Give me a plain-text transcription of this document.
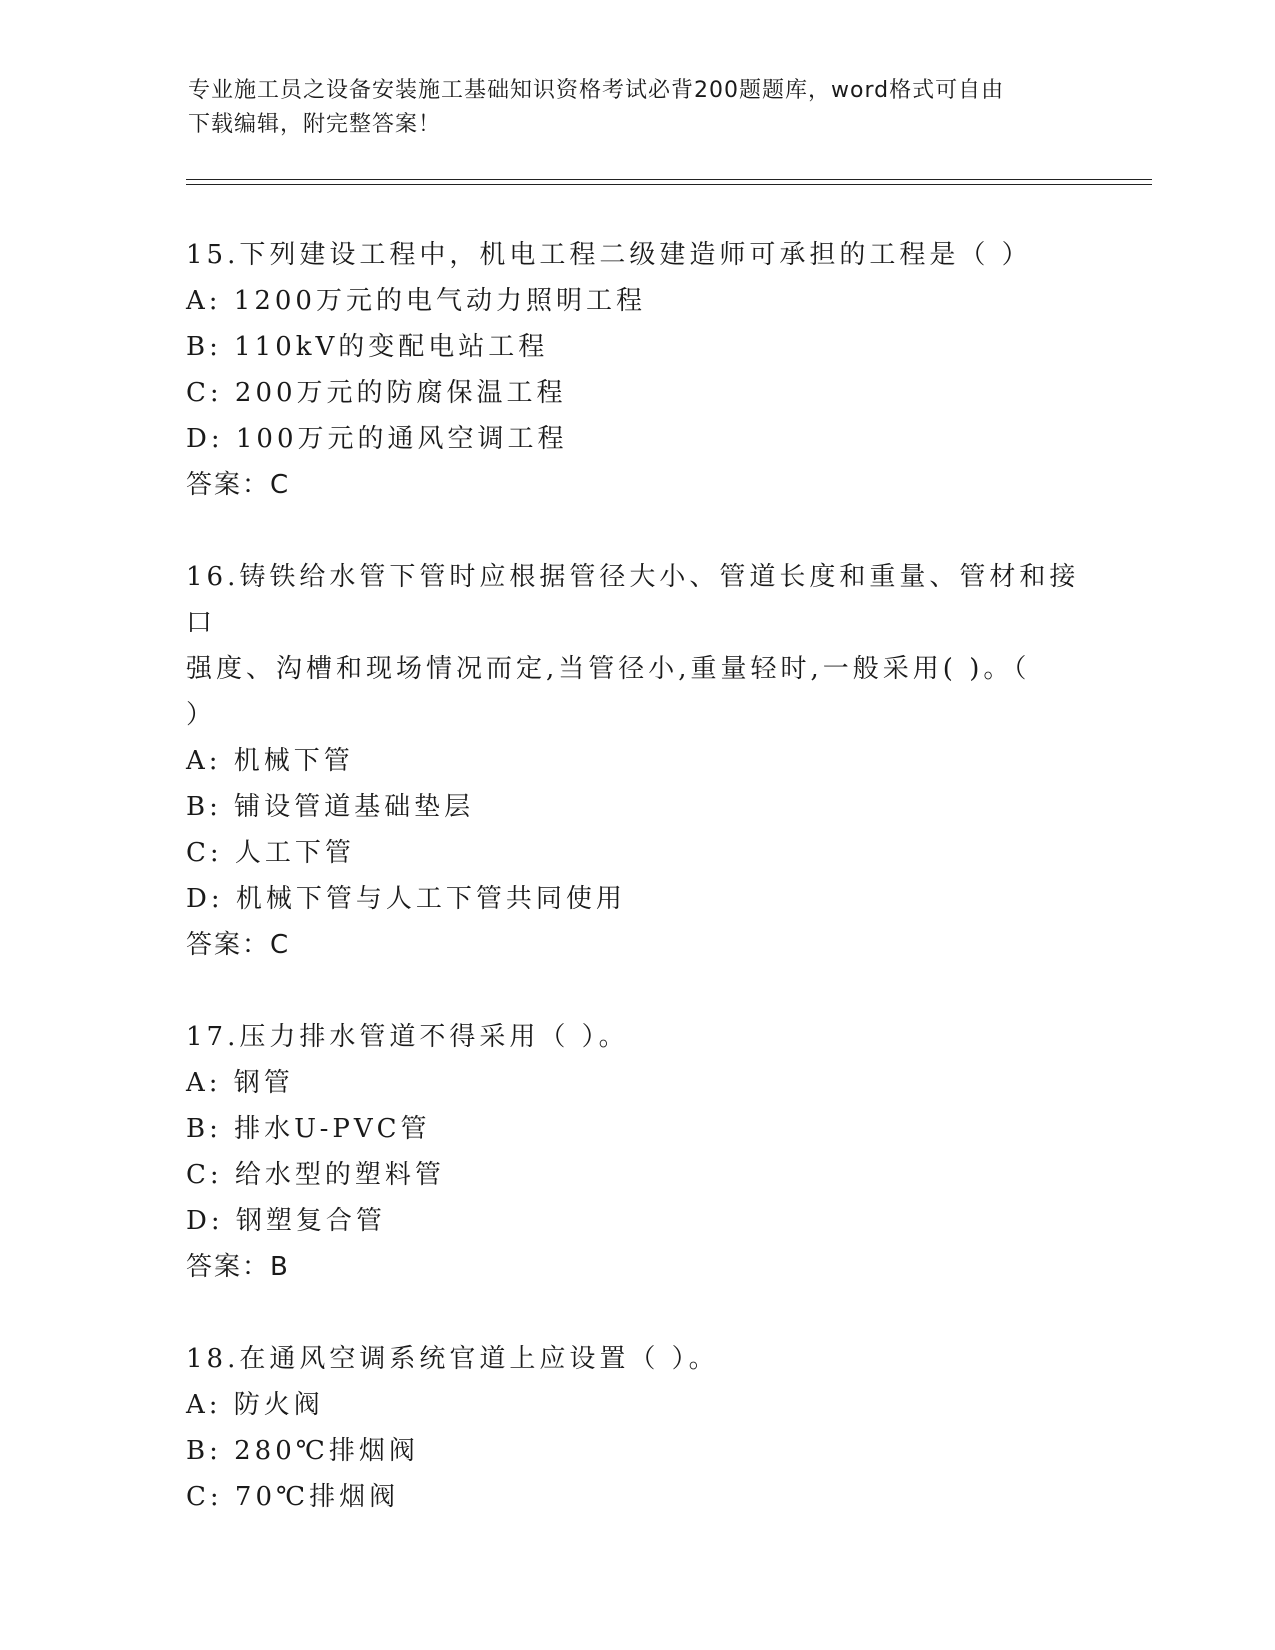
专业施工员之设备安装施工基础知识资格考试必背200题题库，word格式可自由
下载编辑，附完整答案！
15.下列建设工程中，机电工程二级建造师可承担的工程是（ ）
A: 1200万元的电气动力照明工程
B: 110kV的变配电站工程
C: 200万元的防腐保温工程
D: 100万元的通风空调工程
答案：C
16.铸铁给水管下管时应根据管径大小、管道长度和重量、管材和接口
强度、沟槽和现场情况而定,当管径小,重量轻时,一般采用( )。（
）
A: 机械下管
B: 铺设管道基础垫层
C: 人工下管
D: 机械下管与人工下管共同使用
答案：C
17.压力排水管道不得采用（ ）。
A: 钢管
B: 排水U-PVC管
C: 给水型的塑料管
D: 钢塑复合管
答案：B
18.在通风空调系统官道上应设置（ ）。
A: 防火阀
B: 280℃排烟阀
C: 70℃排烟阀
